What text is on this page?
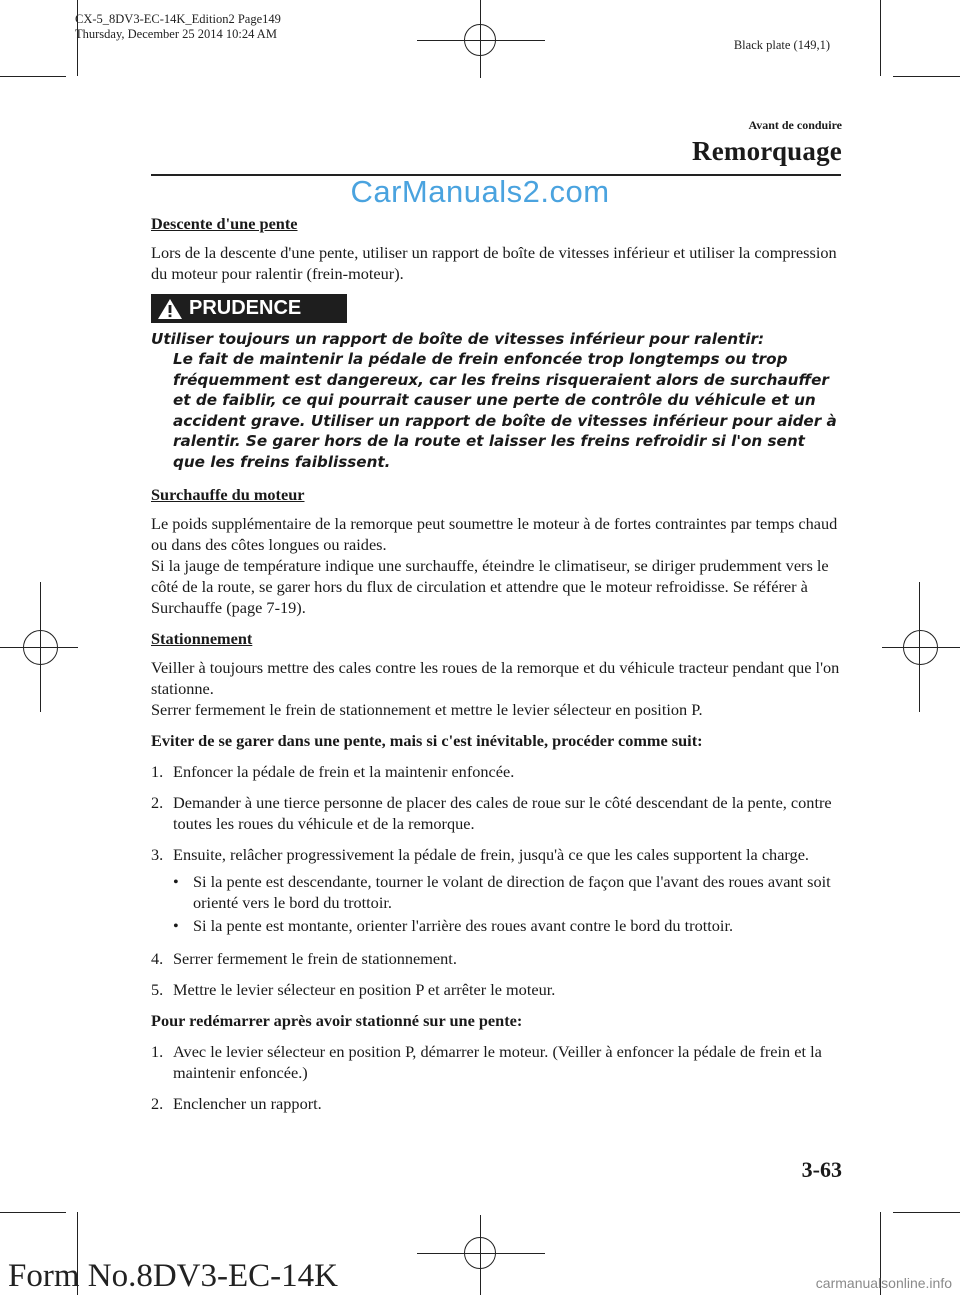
CX-5_8DV3-EC-14K_Edition2 Page149
Thursday, December 25 2014 10:24 AM
Black plate (149,1)
Avant de conduire
Remorquage
CarManuals2.com

Descente d'une pente

Lors de la descente d'une pente, utiliser un rapport de boîte de vitesses inférieur et utiliser la compression du moteur pour ralentir (frein-moteur).

PRUDENCE
Utiliser toujours un rapport de boîte de vitesses inférieur pour ralentir:
Le fait de maintenir la pédale de frein enfoncée trop longtemps ou trop fréquemment est dangereux, car les freins risqueraient alors de surchauffer et de faiblir, ce qui pourrait causer une perte de contrôle du véhicule et un accident grave. Utiliser un rapport de boîte de vitesses inférieur pour aider à ralentir. Se garer hors de la route et laisser les freins refroidir si l'on sent que les freins faiblissent.

Surchauffe du moteur

Le poids supplémentaire de la remorque peut soumettre le moteur à de fortes contraintes par temps chaud ou dans des côtes longues ou raides.

Si la jauge de température indique une surchauffe, éteindre le climatiseur, se diriger prudemment vers le côté de la route, se garer hors du flux de circulation et attendre que le moteur refroidisse. Se référer à Surchauffe (page 7-19).

Stationnement

Veiller à toujours mettre des cales contre les roues de la remorque et du véhicule tracteur pendant que l'on stationne.

Serrer fermement le frein de stationnement et mettre le levier sélecteur en position P.

Eviter de se garer dans une pente, mais si c'est inévitable, procéder comme suit:

1. Enfoncer la pédale de frein et la maintenir enfoncée.
2. Demander à une tierce personne de placer des cales de roue sur le côté descendant de la pente, contre toutes les roues du véhicule et de la remorque.
3. Ensuite, relâcher progressivement la pédale de frein, jusqu'à ce que les cales supportent la charge.
• Si la pente est descendante, tourner le volant de direction de façon que l'avant des roues avant soit orienté vers le bord du trottoir.
• Si la pente est montante, orienter l'arrière des roues avant contre le bord du trottoir.
4. Serrer fermement le frein de stationnement.
5. Mettre le levier sélecteur en position P et arrêter le moteur.

Pour redémarrer après avoir stationné sur une pente:

1. Avec le levier sélecteur en position P, démarrer le moteur. (Veiller à enfoncer la pédale de frein et la maintenir enfoncée.)
2. Enclencher un rapport.
3-63
Form No.8DV3-EC-14K	carmanualsonline.info
